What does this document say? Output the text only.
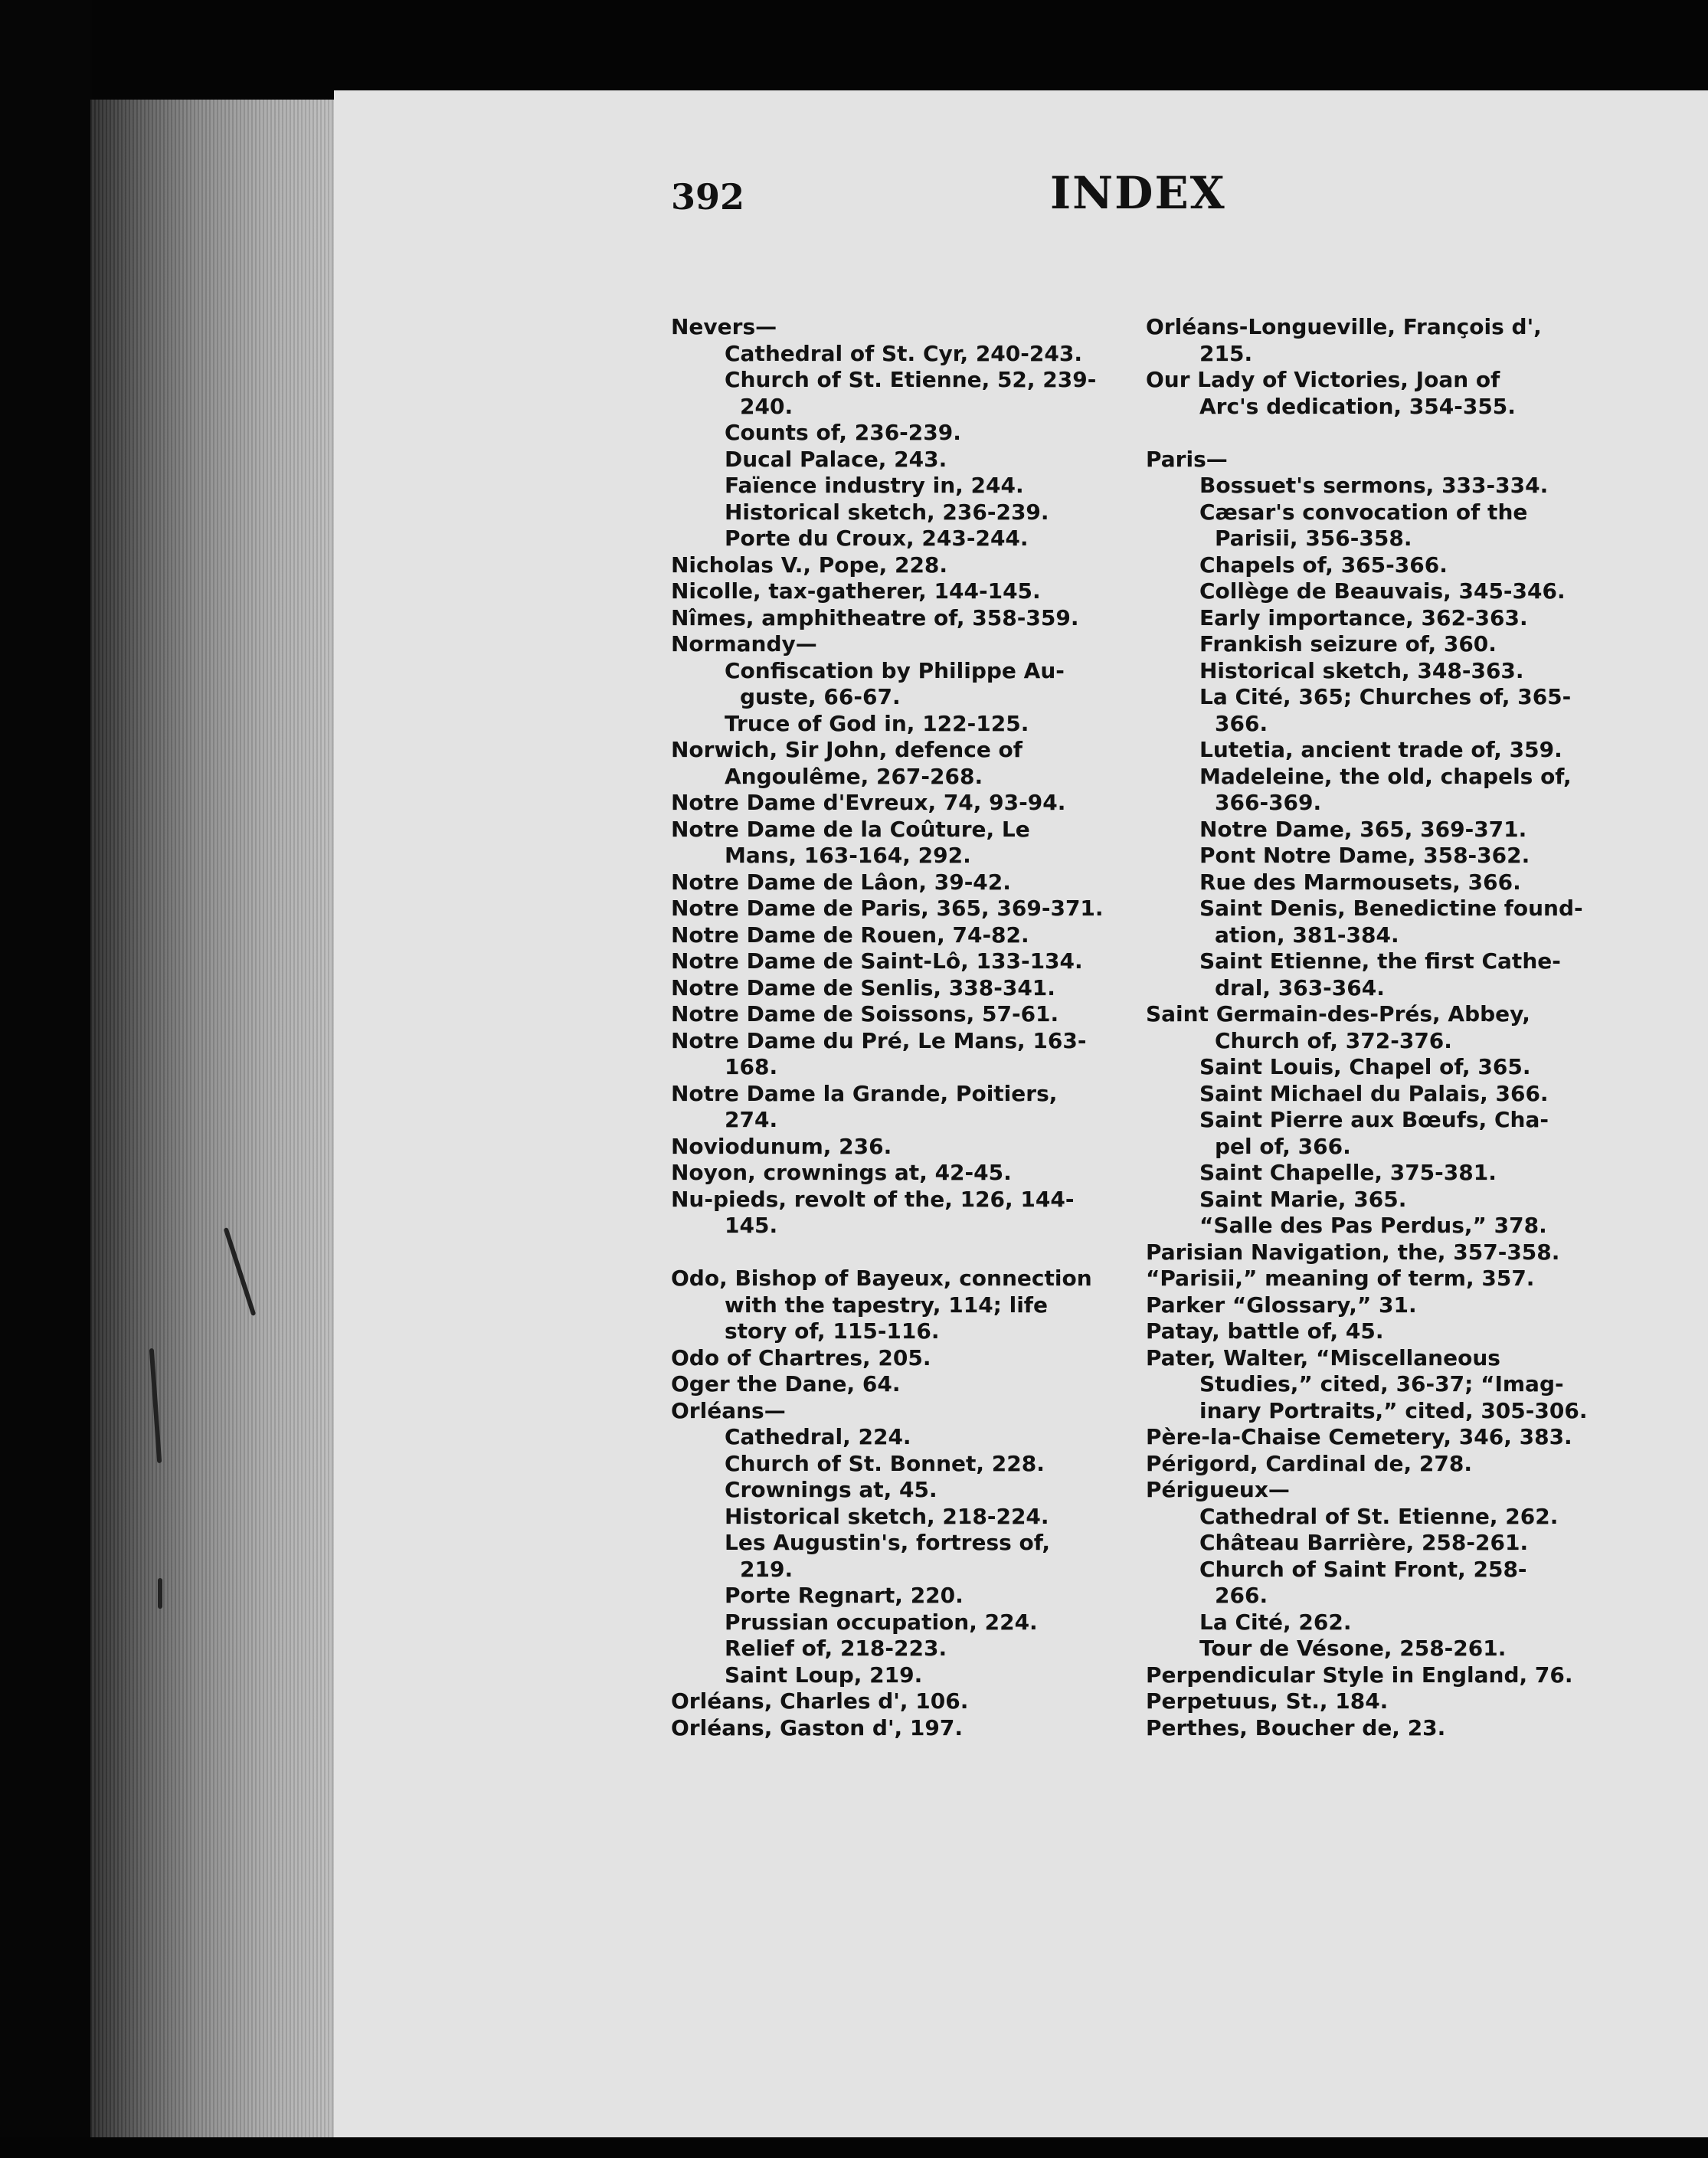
392	INDEX
Nevers—
Cathedral of St. Cyr, 240-243.
Church of St. Etienne, 52, 239-
240.
Counts of, 236-239.
Ducal Palace, 243.
Faïence industry in, 244.
Historical sketch, 236-239.
Porte du Croux, 243-244.
Nicholas V., Pope, 228.
Nicolle, tax-gatherer, 144-145.
Nîmes, amphitheatre of, 358-359.
Normandy—
Confiscation by Philippe Au-
guste, 66-67.
Truce of God in, 122-125.
Norwich, Sir John, defence of
Angoulême, 267-268.
Notre Dame d'Evreux, 74, 93-94.
Notre Dame de la Coûture, Le
Mans, 163-164, 292.
Notre Dame de Lâon, 39-42.
Notre Dame de Paris, 365, 369-371.
Notre Dame de Rouen, 74-82.
Notre Dame de Saint-Lô, 133-134.
Notre Dame de Senlis, 338-341.
Notre Dame de Soissons, 57-61.
Notre Dame du Pré, Le Mans, 163-
168.
Notre Dame la Grande, Poitiers,
274.
Noviodunum, 236.
Noyon, crownings at, 42-45.
Nu-pieds, revolt of the, 126, 144-
145.
Odo, Bishop of Bayeux, connection
with the tapestry, 114; life
story of, 115-116.
Odo of Chartres, 205.
Oger the Dane, 64.
Orléans—
Cathedral, 224.
Church of St. Bonnet, 228.
Crownings at, 45.
Historical sketch, 218-224.
Les Augustin's, fortress of,
219.
Porte Regnart, 220.
Prussian occupation, 224.
Relief of, 218-223.
Saint Loup, 219.
Orléans, Charles d', 106.
Orléans, Gaston d', 197.
Orléans-Longueville, François d',
215.
Our Lady of Victories, Joan of
Arc's dedication, 354-355.
Paris—
Bossuet's sermons, 333-334.
Cæsar's convocation of the
Parisii, 356-358.
Chapels of, 365-366.
Collège de Beauvais, 345-346.
Early importance, 362-363.
Frankish seizure of, 360.
Historical sketch, 348-363.
La Cité, 365; Churches of, 365-
366.
Lutetia, ancient trade of, 359.
Madeleine, the old, chapels of,
366-369.
Notre Dame, 365, 369-371.
Pont Notre Dame, 358-362.
Rue des Marmousets, 366.
Saint Denis, Benedictine found-
ation, 381-384.
Saint Etienne, the first Cathe-
dral, 363-364.
Saint Germain-des-Prés, Abbey,
Church of, 372-376.
Saint Louis, Chapel of, 365.
Saint Michael du Palais, 366.
Saint Pierre aux Bœufs, Cha-
pel of, 366.
Saint Chapelle, 375-381.
Saint Marie, 365.
“Salle des Pas Perdus,” 378.
Parisian Navigation, the, 357-358.
“Parisii,” meaning of term, 357.
Parker “Glossary,” 31.
Patay, battle of, 45.
Pater, Walter, “Miscellaneous
Studies,” cited, 36-37; “Imag-
inary Portraits,” cited, 305-306.
Père-la-Chaise Cemetery, 346, 383.
Périgord, Cardinal de, 278.
Périgueux—
Cathedral of St. Etienne, 262.
Château Barrière, 258-261.
Church of Saint Front, 258-
266.
La Cité, 262.
Tour de Vésone, 258-261.
Perpendicular Style in England, 76.
Perpetuus, St., 184.
Perthes, Boucher de, 23.
